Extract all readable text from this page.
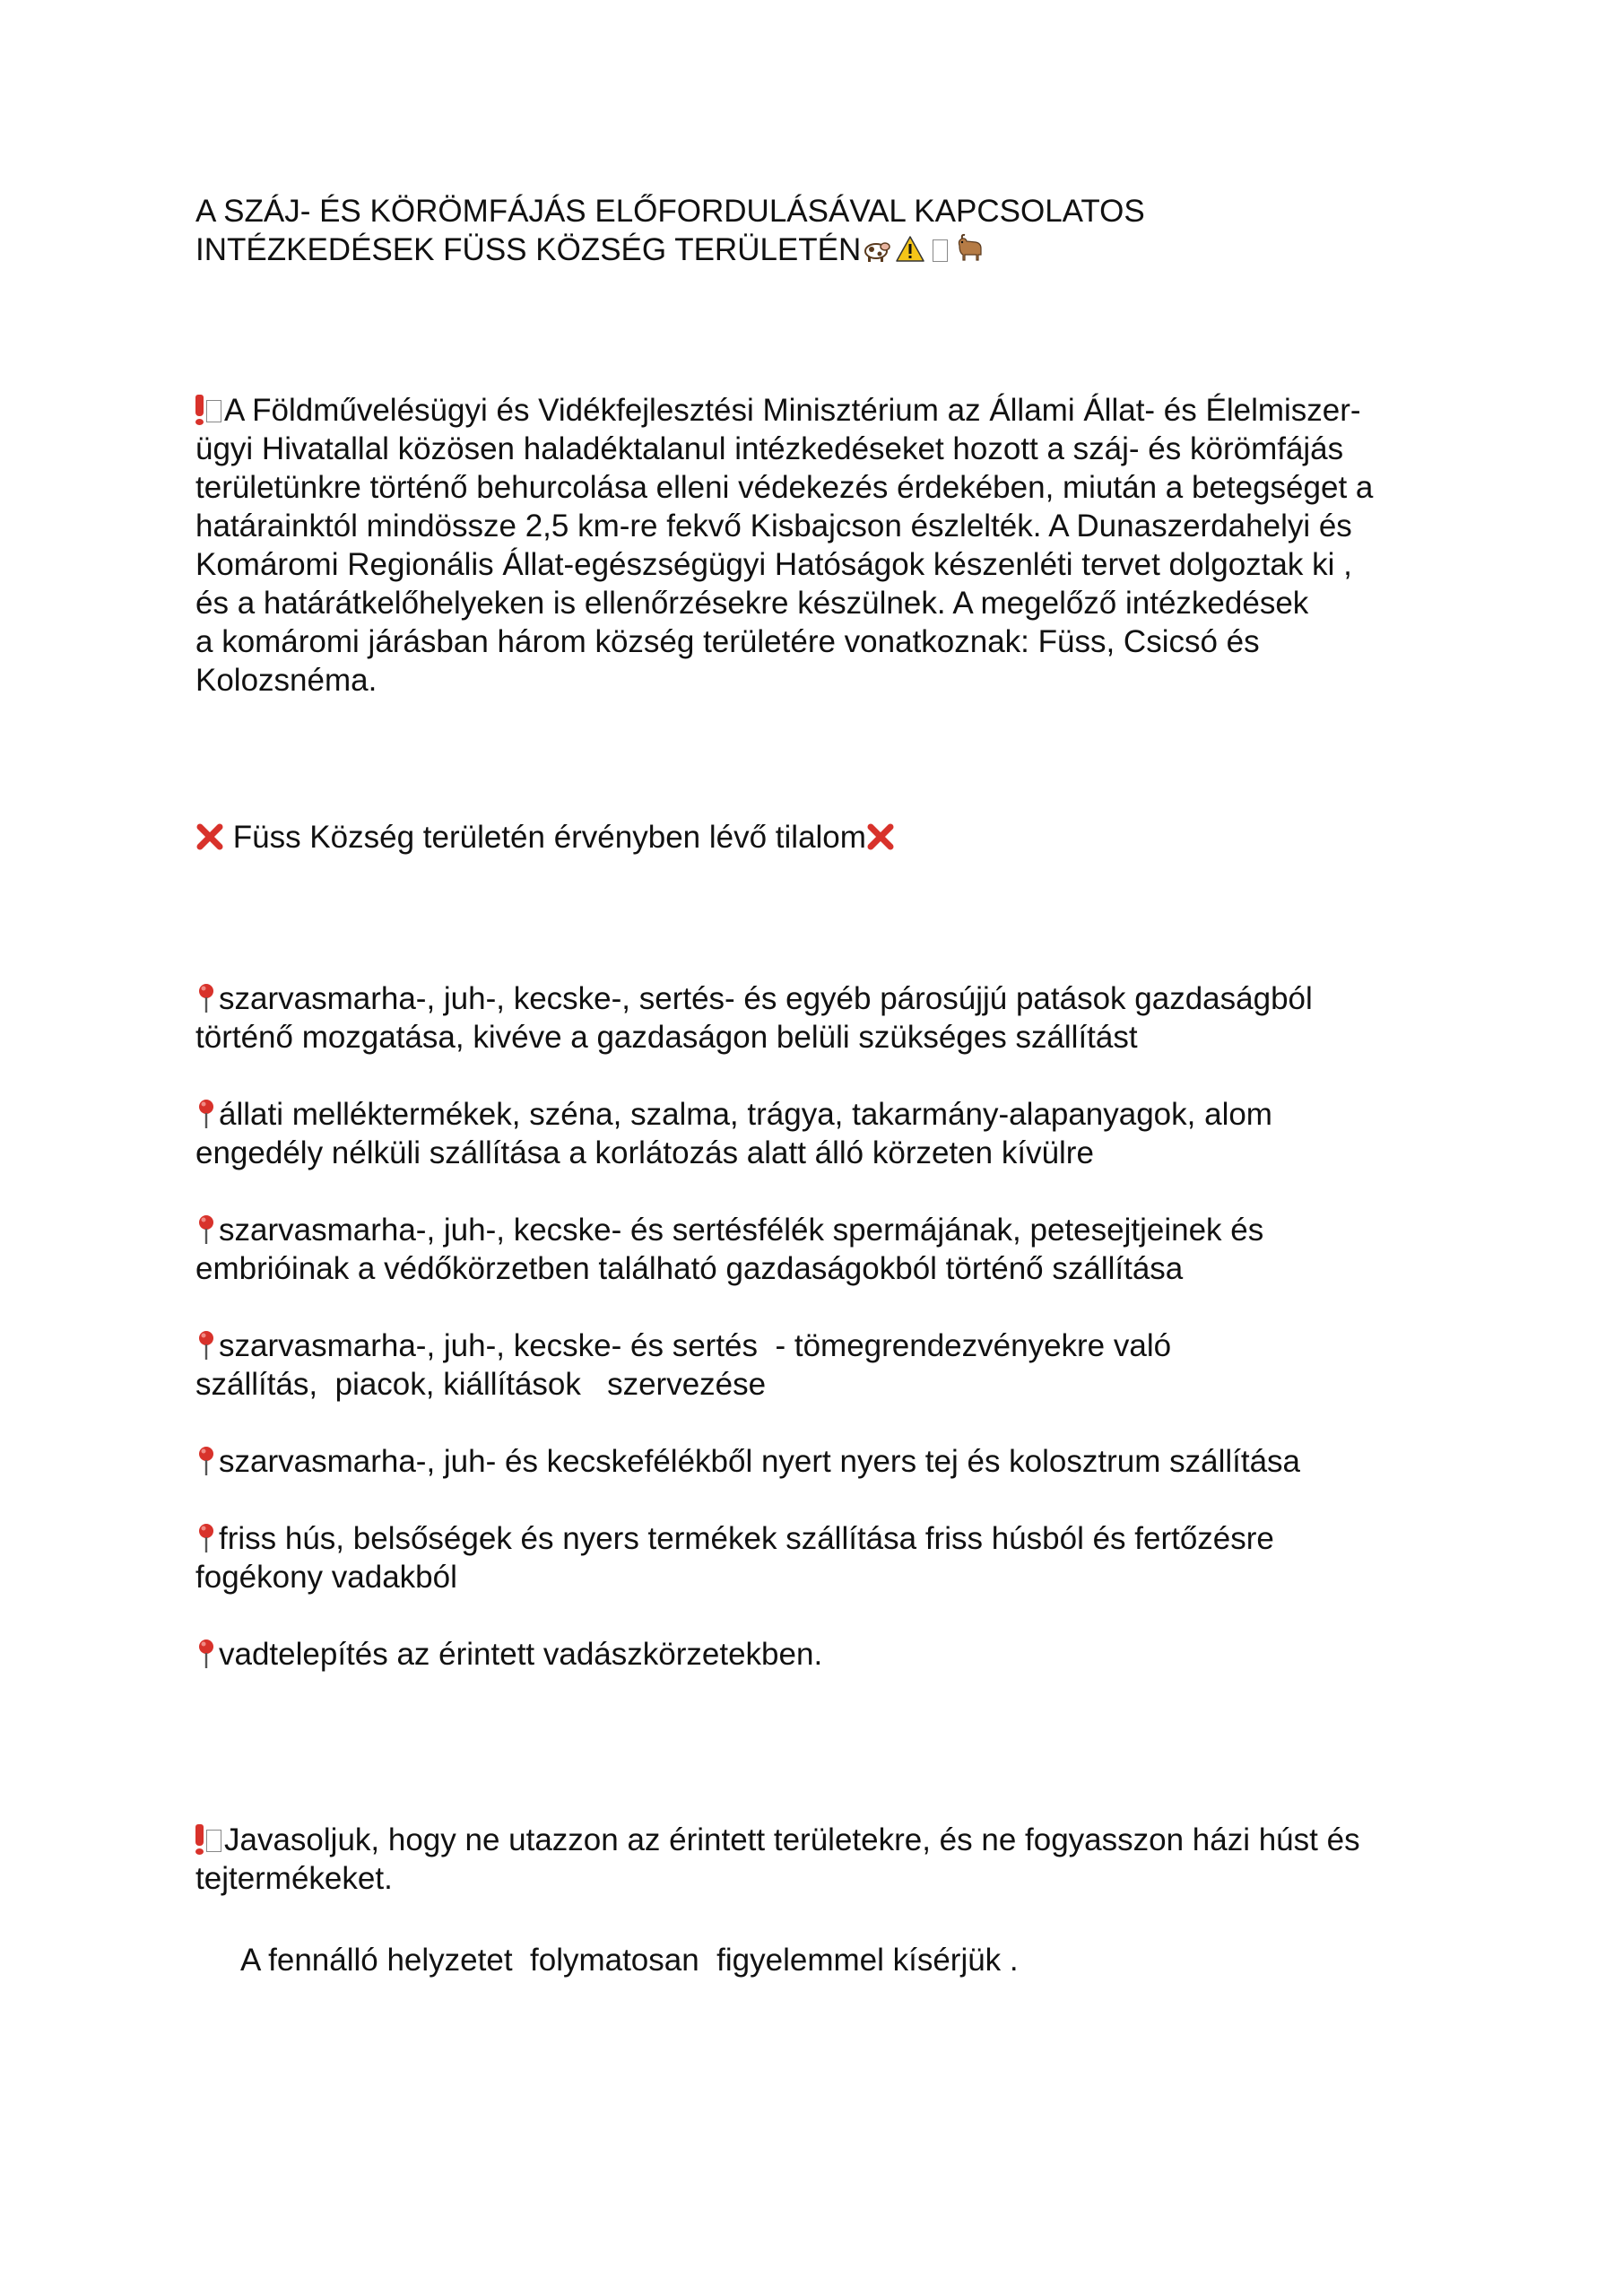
A SZÁJ- ÉS KÖRÖMFÁJÁS ELŐFORDULÁSÁVAL KAPCSOLATOS
INTÉZKEDÉSEK FÜSS KÖZSÉG TERÜLETÉN
A Földművelésügyi és Vidékfejlesztési Minisztérium az Állami Állat- és Élelmiszer-
ügyi Hivatallal közösen haladéktalanul intézkedéseket hozott a száj- és körömfájás
területünkre történő behurcolása elleni védekezés érdekében, miután a betegséget a
határainktól mindössze 2,5 km-re fekvő Kisbajcson észlelték. A Dunaszerdahelyi és
Komáromi Regionális Állat-egészségügyi Hatóságok készenléti tervet dolgoztak ki ,
és a határátkelőhelyeken is ellenőrzésekre készülnek. A megelőző intézkedések
a komáromi járásban három község területére vonatkoznak: Füss, Csicsó és
Kolozsnéma.
Füss Község területén érvényben lévő tilalom
szarvasmarha-, juh-, kecske-, sertés- és egyéb párosújjú patások gazdaságból
történő mozgatása, kivéve a gazdaságon belüli szükséges szállítást
állati melléktermékek, széna, szalma, trágya, takarmány-alapanyagok, alom
engedély nélküli szállítása a korlátozás alatt álló körzeten kívülre
szarvasmarha-, juh-, kecske- és sertésfélék spermájának, petesejtjeinek és
embrióinak a védőkörzetben található gazdaságokból történő szállítása
szarvasmarha-, juh-, kecske- és sertés  - tömegrendezvényekre való
szállítás,  piacok, kiállítások   szervezése
szarvasmarha-, juh- és kecskefélékből nyert nyers tej és kolosztrum szállítása
friss hús, belsőségek és nyers termékek szállítása friss húsból és fertőzésre
fogékony vadakból
vadtelepítés az érintett vadászkörzetekben.
Javasoljuk, hogy ne utazzon az érintett területekre, és ne fogyasszon házi húst és
tejtermékeket.
A fennálló helyzetet  folymatosan  figyelemmel kísérjük .
